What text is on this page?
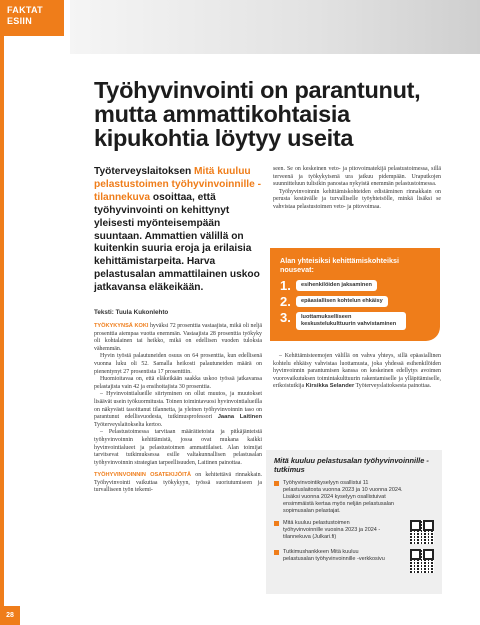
FAKTAT
ESIIN
Työhyvinvointi on parantunut, mutta ammattikohtaisia kipukohtia löytyy useita
Työterveyslaitoksen Mitä kuuluu pelastustoimen työhyvinvoinnille -tilannekuva osoittaa, että työhyvinvointi on kehittynyt yleisesti myönteisempään suuntaan. Ammattien välillä on kuitenkin suuria eroja ja erilaisia kehittämistarpeita. Harva pelastusalan ammattilainen uskoo jatkavansa eläkeikään.
Teksti: Tuula Kukonlehto

TYÖKYKYNSÄ KOKI hyväksi 72 prosenttia vastaajista, mikä oli neljä prosenttia aiempaa vuotta enemmän. Vastaajista 28 prosenttia työkyky oli kohtalainen tai heikko, mikä on edellisen vuoden tuloksia vähemmän.

Hyvin työstä palautuneiden osuus on 64 prosenttia, kun edellisenä vuonna luku oli 52. Samalla heikosti palautuneiden määrä on pienentynyt 27 prosentista 17 prosenttiin.

Huomioitavaa on, että eläkeikään saakka uskoo työssä jatkavansa pelastajista vain 42 ja ensihoitajista 30 prosenttia.

– Hyvinvointialueille siirtyminen on ollut muutos, ja muutokset lisäävät usein työkuormitusta. Toinen toimintavuosi hyvinvointialueilla on näkyvästi tasoittanut tilannetta, ja yleinen työhyvinvoinnin taso on parantunut edellisvuodesta, tutkimusprofessori Jaana Laitinen Työterveyslaitokselta kertoo.

– Pelastustoimessa tarvitaan määrätietoista ja pitkäjänteistä työhyvinvoinnin kehittämistä, jossa ovat mukana kaikki hyvinvointialueet ja pelastustoimen ammattilaiset. Alan toimijat tarvitsevat tutkimuksessa esille valtakunnallisen pelastusalan työhyvinvoinnin strategian tarpeellisuuden, Laitinen painottaa.

TYÖHYVINVOINNIN OSATEKIJÖITÄ on kehitettävä rinnakkain. Työhyvinvointi vaikuttaa työkykyyn, työssä suoriutumiseen ja turvalliseen työn tekemi-

seen. Se on keskeinen veto- ja pitovoimatekijä pelastustoimessa, sillä terveenä ja työkykyisenä ura jatkuu pidempään. Uraputkojen suunnitteluun tulisikin panostaa nykyistä enemmän pelastustoimessa.

Työhyvinvoinnin kehittämiskohteiden edistäminen rinnakkain on perusta kestävälle ja turvalliselle työyhteisölle, minkä lisäksi se vahvistaa pelastustoimen veto- ja pitovoimaa.

Alan yhteisiksi kehittämiskohteiksi nousevat:
1.	esihenkilöiden jaksaminen
2.	epäasiallisen kohtelun ehkäisy
3.	luottamukselliseen keskustelukulttuurin vahvistaminen

– Kehittämisteemojen välillä on vahva yhteys, sillä epäasiallinen kohtelu ehkäisy vahvistaa luottamusta, joka yhdessä esihenkilöiden hyvinvoinnin parantumisen kanssa on keskeinen edellytys avoimen vuorovaikutuksen toimintakulttuurin rakentamiselle ja ylläpitämiselle, erikoistutkija Kirsikka Selander Työterveyslaitoksesta painottaa.

Mitä kuuluu pelastusalan työhyvinvoinnille -tutkimus
Työhyvinvointikyselyyn osallistui 11 pelastuslaitosta vuonna 2023 ja 10 vuonna 2024. Lisäksi vuonna 2024 kyselyyn osallistuivat ensimmäistä kertaa myös neljän pelastusalan sopimusalan pelastajat.
Mitä kuuluu pelastustoimen työhyvinvoinnille vuosina 2023 ja 2024 -tilannekuva (Julkari.fi)
Tutkimushankkeen Mitä kuuluu pelastusalan työhyvinvoinnille -verkkosivu
28
